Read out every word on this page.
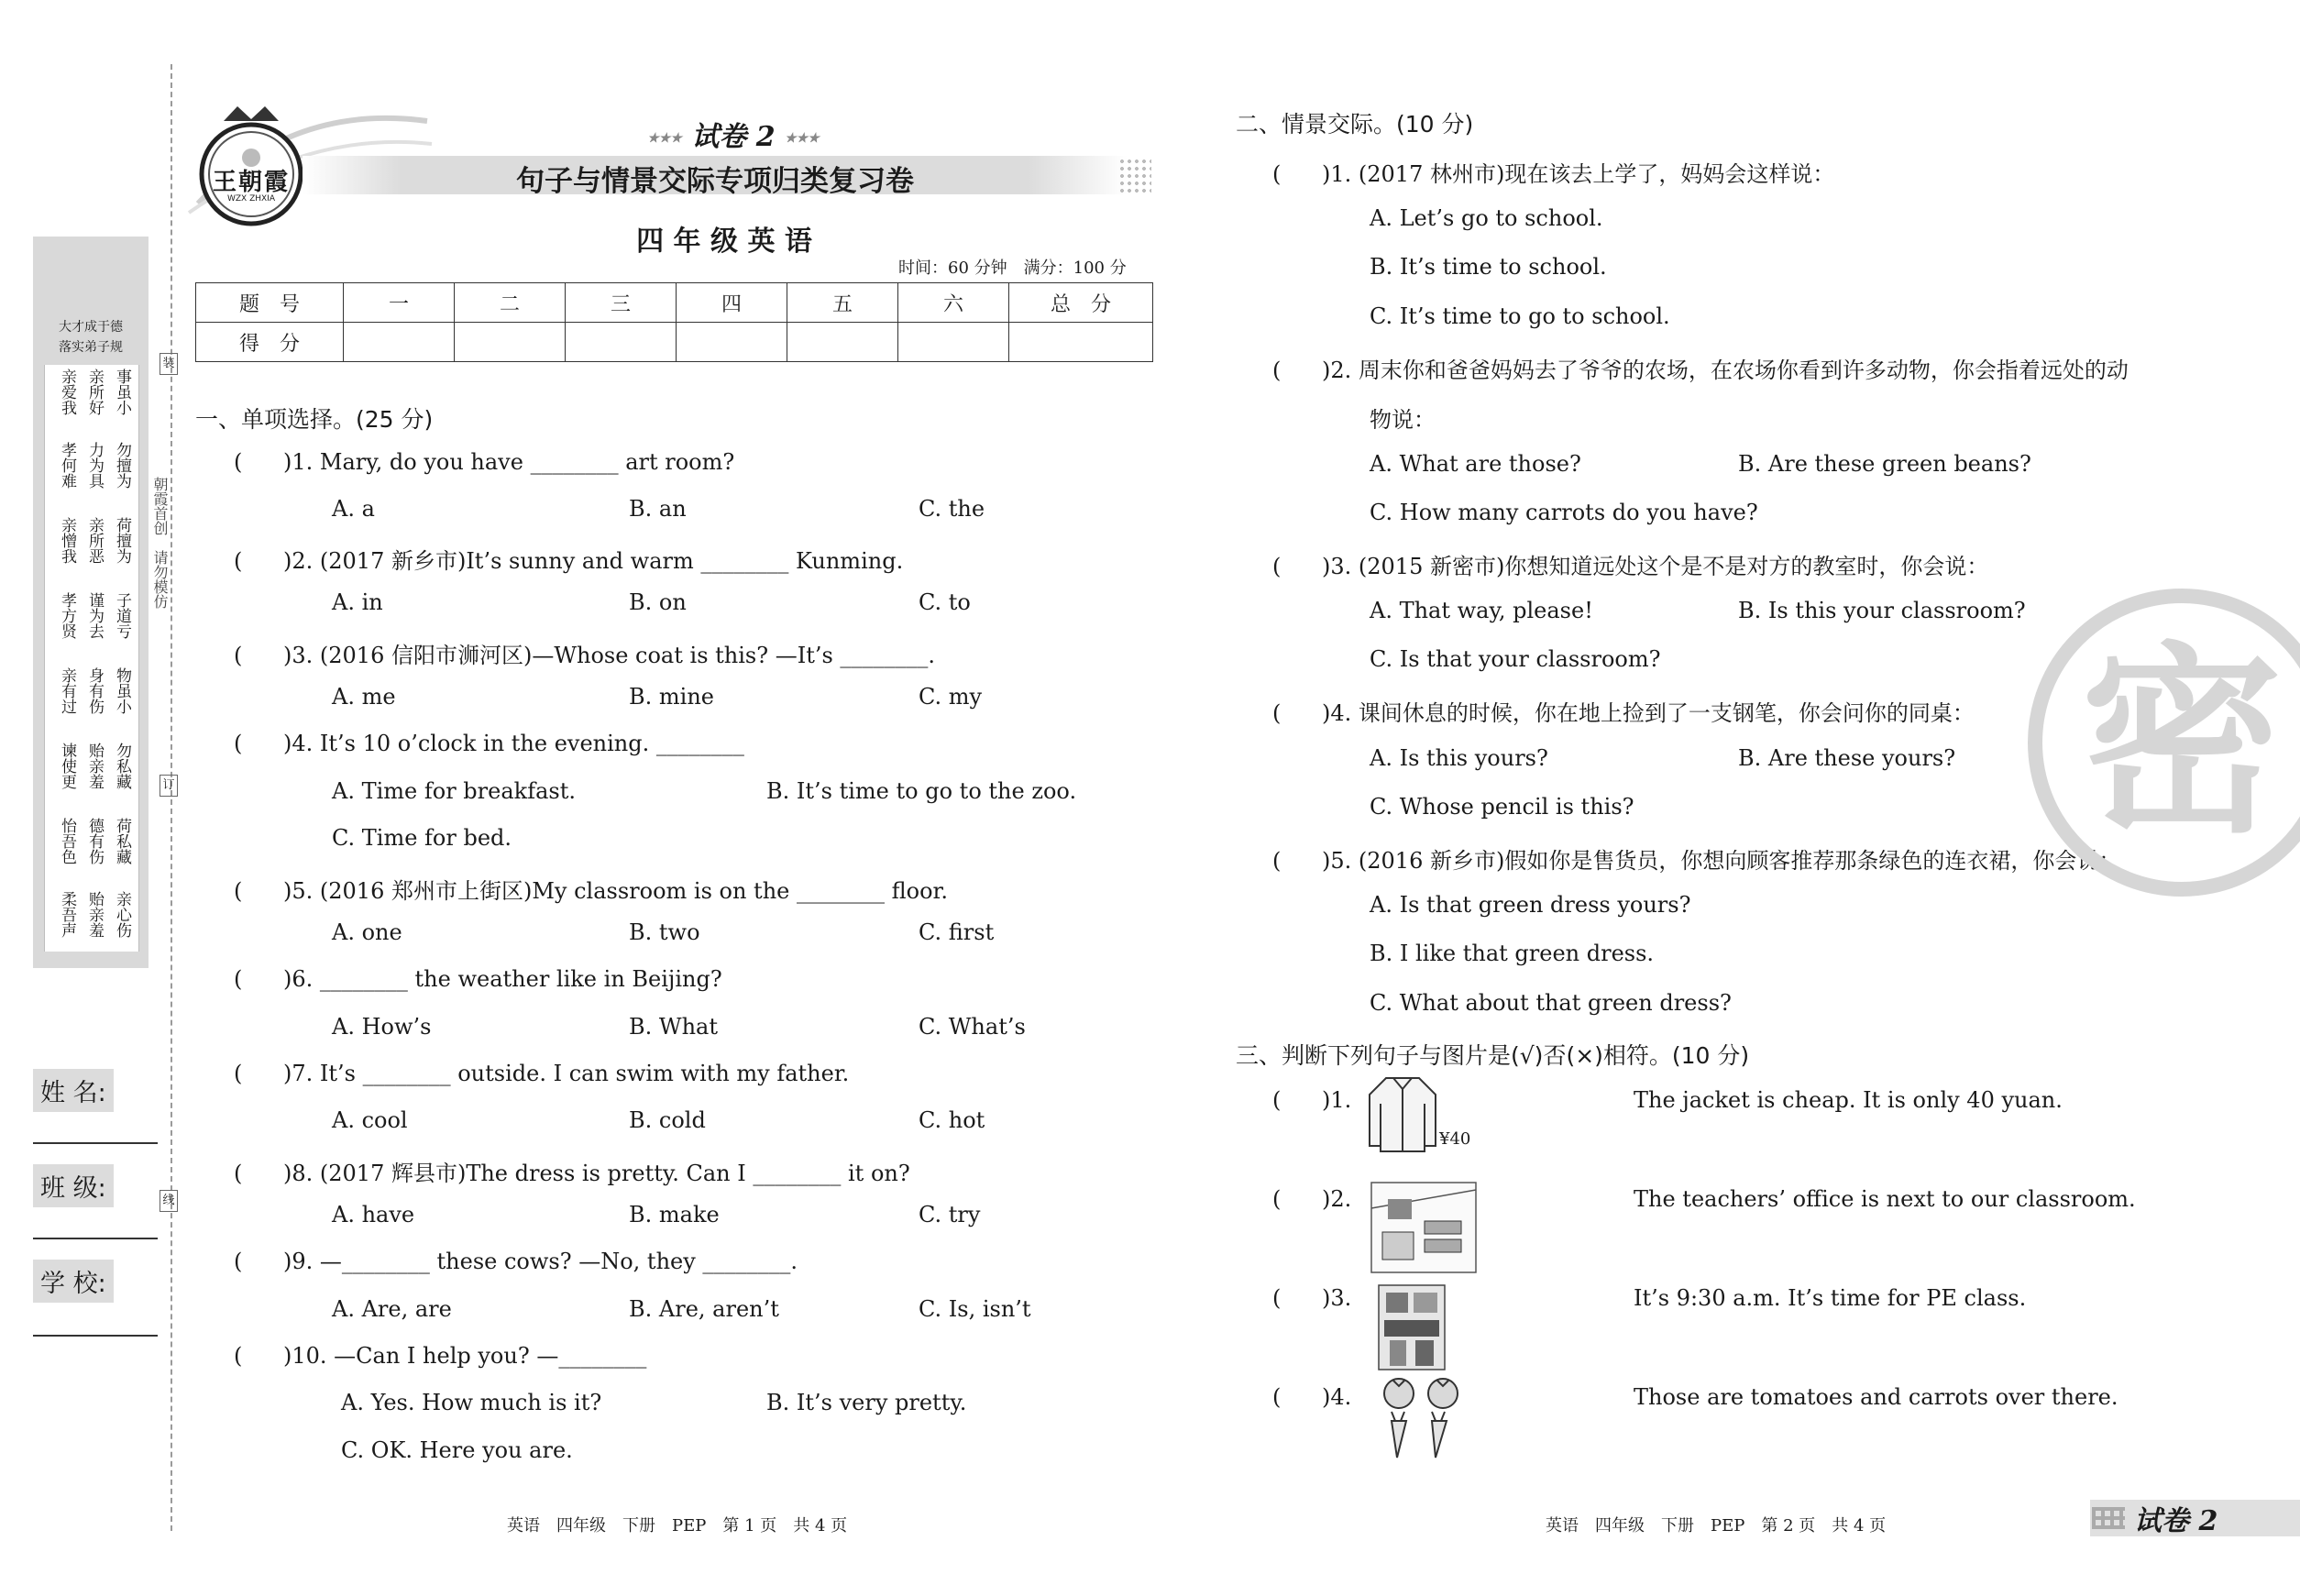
大才成于德
落实弟子规
亲爱我 亲所好 事虽小
孝何难 力为具 勿擅为
亲憎我 亲所恶 荷擅为
孝方贤 谨为去 子道亏
亲有过 身有伤 物虽小
谏使更 贻亲羞 勿私藏
怡吾色 德有伤 荷私藏
柔吾声 贻亲羞 亲心伤
朝霞首创　请勿模仿
装
订
线
姓 名:
班 级:
学 校:
王朝霞
WZX ZHXIA
★★★ 试卷 2 ★★★
句子与情景交际专项归类复习卷
四 年 级 英 语
时间：60 分钟　满分：100 分
题　号	一	二	三	四	五	六	总　分
得　分							
一、单项选择。(25 分)
( )1. Mary, do you have ________ art room?
A. a	B. an	C. the
( )2. (2017 新乡市)It’s sunny and warm ________ Kunming.
A. in	B. on	C. to
( )3. (2016 信阳市浉河区)—Whose coat is this? —It’s ________.
A. me	B. mine	C. my
( )4. It’s 10 o’clock in the evening. ________
A. Time for breakfast.	B. It’s time to go to the zoo.
C. Time for bed.
( )5. (2016 郑州市上街区)My classroom is on the ________ floor.
A. one	B. two	C. first
( )6. ________ the weather like in Beijing?
A. How’s	B. What	C. What’s
( )7. It’s ________ outside. I can swim with my father.
A. cool	B. cold	C. hot
( )8. (2017 辉县市)The dress is pretty. Can I ________ it on?
A. have	B. make	C. try
( )9. —________ these cows? —No, they ________.
A. Are, are	B. Are, aren’t	C. Is, isn’t
( )10. —Can I help you? —________
A. Yes. How much is it?	B. It’s very pretty.
C. OK. Here you are.
二、情景交际。(10 分)
( )1. (2017 林州市)现在该去上学了，妈妈会这样说：
A. Let’s go to school.
B. It’s time to school.
C. It’s time to go to school.
( )2. 周末你和爸爸妈妈去了爷爷的农场，在农场你看到许多动物，你会指着远处的动
物说：
A. What are those?	B. Are these green beans?
C. How many carrots do you have?
( )3. (2015 新密市)你想知道远处这个是不是对方的教室时，你会说：
A. That way, please!	B. Is this your classroom?
C. Is that your classroom?
( )4. 课间休息的时候，你在地上捡到了一支钢笔，你会问你的同桌：
A. Is this yours?	B. Are these yours?
C. Whose pencil is this?
( )5. (2016 新乡市)假如你是售货员，你想向顾客推荐那条绿色的连衣裙，你会说：
A. Is that green dress yours?
B. I like that green dress.
C. What about that green dress?
三、判断下列句子与图片是(√)否(×)相符。(10 分)
( )1.
¥40
The jacket is cheap. It is only 40 yuan.
( )2.	The teachers’ office is next to our classroom.
( )3.	It’s 9:30 a.m. It’s time for PE class.
( )4.	Those are tomatoes and carrots over there.
密
英语　四年级　下册　PEP　第 1 页　共 4 页	英语　四年级　下册　PEP　第 2 页　共 4 页	试卷 2
